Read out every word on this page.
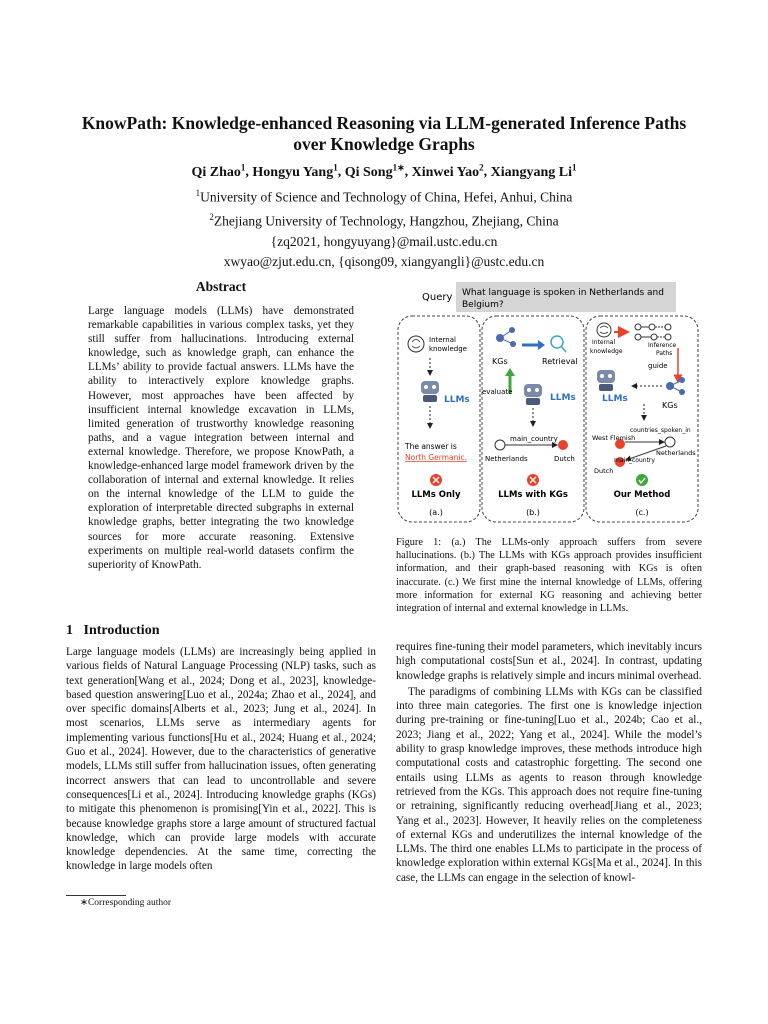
KnowPath: Knowledge-enhanced Reasoning via LLM-generated Inference Paths
over Knowledge Graphs
Qi Zhao$^1$, Hongyu Yang$^1$, Qi Song$^{1∗}$, Xinwei Yao$^2$, Xiangyang Li$^1$
$^1$University of Science and Technology of China, Hefei, Anhui, China
$^2$Zhejiang University of Technology, Hangzhou, Zhejiang, China
{zq2021, hongyuyang}@mail.ustc.edu.cn
xwyao@zjut.edu.cn, {qisong09, xiangyangli}@ustc.edu.cn
Abstract

Large language models (LLMs) have demonstrated remarkable capabilities in various complex tasks, yet they still suffer from hallucinations. Introducing external knowledge, such as knowledge graph, can enhance the LLMs’ ability to provide factual answers. LLMs have the ability to interactively explore knowledge graphs. However, most approaches have been affected by insufficient internal knowledge excavation in LLMs, limited generation of trustworthy knowledge reasoning paths, and a vague integration between internal and external knowledge. Therefore, we propose KnowPath, a knowledge-enhanced large model framework driven by the collaboration of internal and external knowledge. It relies on the internal knowledge of the LLM to guide the exploration of interpretable directed subgraphs in external knowledge graphs, better integrating the two knowledge sources for more accurate reasoning. Extensive experiments on multiple real-world datasets confirm the superiority of KnowPath.

1 Introduction

Large language models (LLMs) are increasingly being applied in various fields of Natural Language Processing (NLP) tasks, such as text generation[Wang et al., 2024; Dong et al., 2023], knowledge-based question answering[Luo et al., 2024a; Zhao et al., 2024], and over specific domains[Alberts et al., 2023; Jung et al., 2024]. In most scenarios, LLMs serve as intermediary agents for implementing various functions[Hu et al., 2024; Huang et al., 2024; Guo et al., 2024]. However, due to the characteristics of generative models, LLMs still suffer from hallucination issues, often generating incorrect answers that can lead to uncontrollable and severe consequences[Li et al., 2024]. Introducing knowledge graphs (KGs) to mitigate this phenomenon is promising[Yin et al., 2022]. This is because knowledge graphs store a large amount of structured factual knowledge, which can provide large models with accurate knowledge dependencies. At the same time, correcting the knowledge in large models often

∗Corresponding author
Query What language is spoken in Netherlands and
Belgium?
Internal
knowledge
LLMs
The answer is
North Germanic.
LLMs Only
(a.)
KGs	Retrieval
evaluate
LLMs
main_country
Netherlands	Dutch
LLMs with KGs
(b.)
Internal
knowledge
Inference
Paths
guide
LLMs
KGs
countries_spoken_in
West Flemish
Netherlands
main_country
Dutch
Our Method
(c.)
Figure 1: (a.) The LLMs-only approach suffers from severe hallucinations. (b.) The LLMs with KGs approach provides insufficient information, and their graph-based reasoning with KGs is often inaccurate. (c.) We first mine the internal knowledge of LLMs, offering more information for external KG reasoning and achieving better integration of internal and external knowledge in LLMs.

requires fine-tuning their model parameters, which inevitably incurs high computational costs[Sun et al., 2024]. In contrast, updating knowledge graphs is relatively simple and incurs minimal overhead.

The paradigms of combining LLMs with KGs can be classified into three main categories. The first one is knowledge injection during pre-training or fine-tuning[Luo et al., 2024b; Cao et al., 2023; Jiang et al., 2022; Yang et al., 2024]. While the model’s ability to grasp knowledge improves, these methods introduce high computational costs and catastrophic forgetting. The second one entails using LLMs as agents to reason through knowledge retrieved from the KGs. This approach does not require fine-tuning or retraining, significantly reducing overhead[Jiang et al., 2023; Yang et al., 2023]. However, It heavily relies on the completeness of external KGs and underutilizes the internal knowledge of the LLMs. The third one enables LLMs to participate in the process of knowledge exploration within external KGs[Ma et al., 2024]. In this case, the LLMs can engage in the selection of knowl-
